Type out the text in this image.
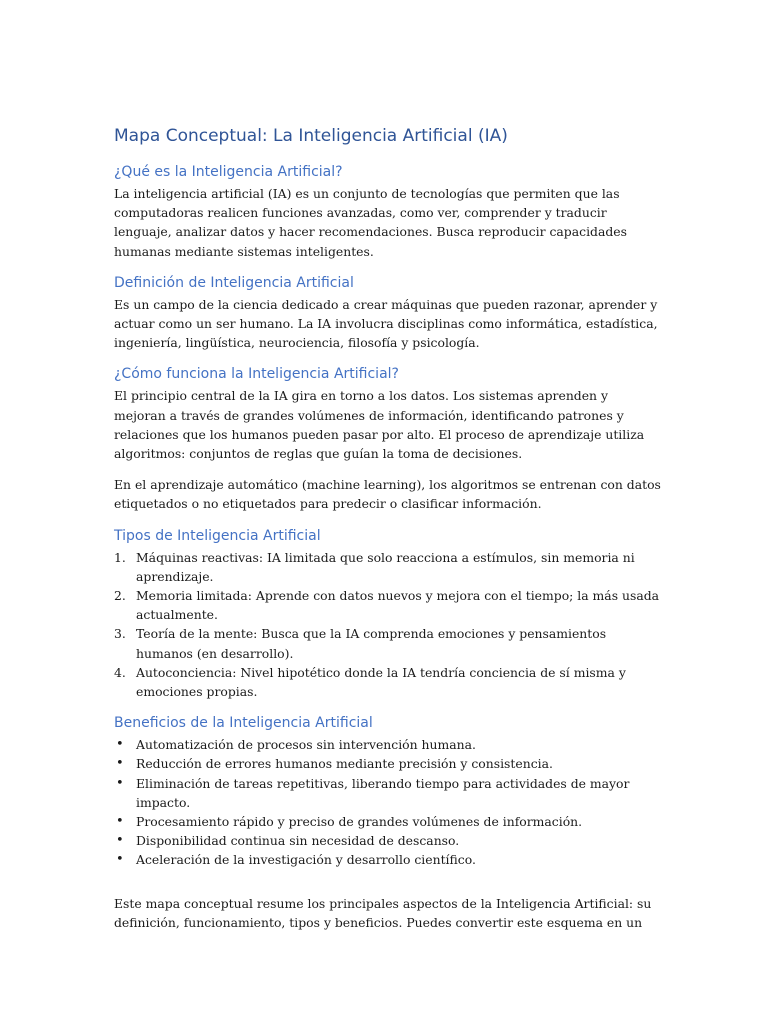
Mapa Conceptual: La Inteligencia Artificial (IA)
¿Qué es la Inteligencia Artificial?

La inteligencia artificial (IA) es un conjunto de tecnologías que permiten que las computadoras realicen funciones avanzadas, como ver, comprender y traducir lenguaje, analizar datos y hacer recomendaciones. Busca reproducir capacidades humanas mediante sistemas inteligentes.

Definición de Inteligencia Artificial

Es un campo de la ciencia dedicado a crear máquinas que pueden razonar, aprender y actuar como un ser humano. La IA involucra disciplinas como informática, estadística, ingeniería, lingüística, neurociencia, filosofía y psicología.

¿Cómo funciona la Inteligencia Artificial?

El principio central de la IA gira en torno a los datos. Los sistemas aprenden y mejoran a través de grandes volúmenes de información, identificando patrones y relaciones que los humanos pueden pasar por alto. El proceso de aprendizaje utiliza algoritmos: conjuntos de reglas que guían la toma de decisiones.

En el aprendizaje automático (machine learning), los algoritmos se entrenan con datos etiquetados o no etiquetados para predecir o clasificar información.

Tipos de Inteligencia Artificial
1. Máquinas reactivas: IA limitada que solo reacciona a estímulos, sin memoria ni aprendizaje.
2. Memoria limitada: Aprende con datos nuevos y mejora con el tiempo; la más usada actualmente.
3. Teoría de la mente: Busca que la IA comprenda emociones y pensamientos humanos (en desarrollo).
4. Autoconciencia: Nivel hipotético donde la IA tendría conciencia de sí misma y emociones propias.
Beneficios de la Inteligencia Artificial
• Automatización de procesos sin intervención humana.
• Reducción de errores humanos mediante precisión y consistencia.
• Eliminación de tareas repetitivas, liberando tiempo para actividades de mayor impacto.
• Procesamiento rápido y preciso de grandes volúmenes de información.
• Disponibilidad continua sin necesidad de descanso.
• Aceleración de la investigación y desarrollo científico.

Este mapa conceptual resume los principales aspectos de la Inteligencia Artificial: su definición, funcionamiento, tipos y beneficios. Puedes convertir este esquema en un
